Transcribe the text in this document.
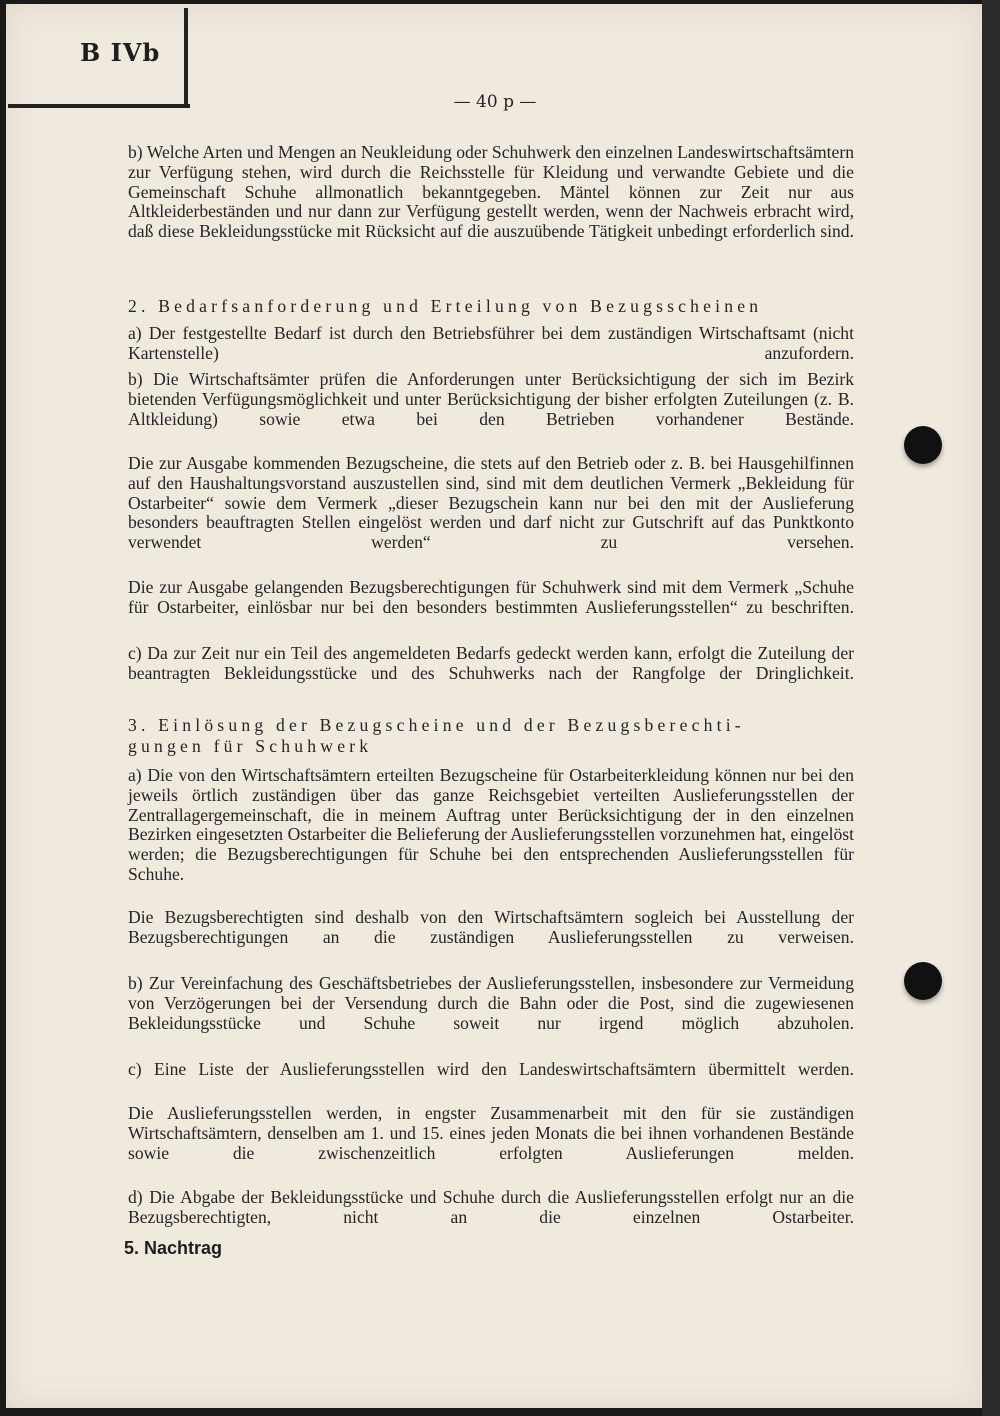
B IVb
— 40 p —
b) Welche Arten und Mengen an Neukleidung oder Schuhwerk den einzelnen Landeswirtschaftsämtern zur Verfügung stehen, wird durch die Reichsstelle für Kleidung und verwandte Gebiete und die Gemeinschaft Schuhe allmonatlich bekanntgegeben. Mäntel können zur Zeit nur aus Altkleiderbeständen und nur dann zur Verfügung gestellt werden, wenn der Nachweis erbracht wird, daß diese Bekleidungsstücke mit Rücksicht auf die auszuübende Tätigkeit unbedingt erforderlich sind.
2. Bedarfsanforderung und Erteilung von Bezugsscheinen
a) Der festgestellte Bedarf ist durch den Betriebsführer bei dem zuständigen Wirtschaftsamt (nicht Kartenstelle) anzufordern.
b) Die Wirtschaftsämter prüfen die Anforderungen unter Berücksichtigung der sich im Bezirk bietenden Verfügungsmöglichkeit und unter Berücksichtigung der bisher erfolgten Zuteilungen (z. B. Altkleidung) sowie etwa bei den Betrieben vorhandener Bestände.
Die zur Ausgabe kommenden Bezugscheine, die stets auf den Betrieb oder z. B. bei Hausgehilfinnen auf den Haushaltungsvorstand auszustellen sind, sind mit dem deutlichen Vermerk „Bekleidung für Ostarbeiter“ sowie dem Vermerk „dieser Bezugschein kann nur bei den mit der Auslieferung besonders beauftragten Stellen eingelöst werden und darf nicht zur Gutschrift auf das Punktkonto verwendet werden“ zu versehen.
Die zur Ausgabe gelangenden Bezugsberechtigungen für Schuhwerk sind mit dem Vermerk „Schuhe für Ostarbeiter, einlösbar nur bei den besonders bestimmten Auslieferungsstellen“ zu beschriften.
c) Da zur Zeit nur ein Teil des angemeldeten Bedarfs gedeckt werden kann, erfolgt die Zuteilung der beantragten Bekleidungsstücke und des Schuhwerks nach der Rangfolge der Dringlichkeit.
3. Einlösung der Bezugscheine und der Bezugsberechti-
gungen für Schuhwerk
a) Die von den Wirtschaftsämtern erteilten Bezugscheine für Ostarbeiterkleidung können nur bei den jeweils örtlich zuständigen über das ganze Reichsgebiet verteilten Auslieferungsstellen der Zentrallagergemeinschaft, die in meinem Auftrag unter Berücksichtigung der in den einzelnen Bezirken eingesetzten Ostarbeiter die Belieferung der Auslieferungsstellen vorzunehmen hat, eingelöst werden; die Bezugsberechtigungen für Schuhe bei den entsprechenden Auslieferungsstellen für Schuhe.
Die Bezugsberechtigten sind deshalb von den Wirtschaftsämtern sogleich bei Ausstellung der Bezugsberechtigungen an die zuständigen Auslieferungsstellen zu verweisen.
b) Zur Vereinfachung des Geschäftsbetriebes der Auslieferungsstellen, insbesondere zur Vermeidung von Verzögerungen bei der Versendung durch die Bahn oder die Post, sind die zugewiesenen Bekleidungsstücke und Schuhe soweit nur irgend möglich abzuholen.
c) Eine Liste der Auslieferungsstellen wird den Landeswirtschaftsämtern übermittelt werden.
Die Auslieferungsstellen werden, in engster Zusammenarbeit mit den für sie zuständigen Wirtschaftsämtern, denselben am 1. und 15. eines jeden Monats die bei ihnen vorhandenen Bestände sowie die zwischenzeitlich erfolgten Auslieferungen melden.
d) Die Abgabe der Bekleidungsstücke und Schuhe durch die Auslieferungsstellen erfolgt nur an die Bezugsberechtigten, nicht an die einzelnen Ostarbeiter.
5. Nachtrag
